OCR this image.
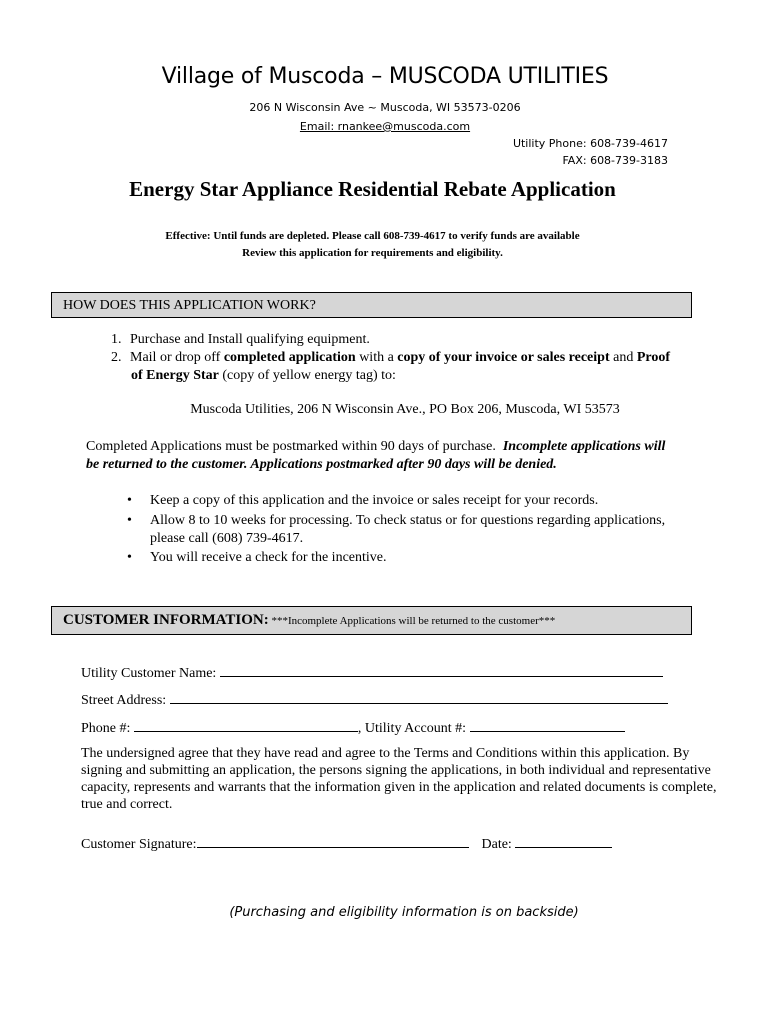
Village of Muscoda – MUSCODA UTILITIES
206 N Wisconsin Ave ~ Muscoda, WI 53573-0206
Email: rnankee@muscoda.com
Utility Phone: 608-739-4617
FAX: 608-739-3183
Energy Star Appliance Residential Rebate Application
Effective: Until funds are depleted. Please call 608-739-4617 to verify funds are available
Review this application for requirements and eligibility.
HOW DOES THIS APPLICATION WORK?
1. Purchase and Install qualifying equipment.
2. Mail or drop off completed application with a copy of your invoice or sales receipt and Proof
of Energy Star (copy of yellow energy tag) to:
Muscoda Utilities, 206 N Wisconsin Ave., PO Box 206, Muscoda, WI 53573
Completed Applications must be postmarked within 90 days of purchase.  Incomplete applications will
be returned to the customer. Applications postmarked after 90 days will be denied.
• Keep a copy of this application and the invoice or sales receipt for your records.
• Allow 8 to 10 weeks for processing. To check status or for questions regarding applications,
please call (608) 739-4617.
• You will receive a check for the incentive.
CUSTOMER INFORMATION: ***Incomplete Applications will be returned to the customer***
Utility Customer Name:
Street Address:
Phone #:	, Utility Account #:
The undersigned agree that they have read and agree to the Terms and Conditions within this application. By signing and submitting an application, the persons signing the applications, in both individual and representative capacity, represents and warrants that the information given in the application and related documents is complete, true and correct.
Customer Signature:	Date:
(Purchasing and eligibility information is on backside)
